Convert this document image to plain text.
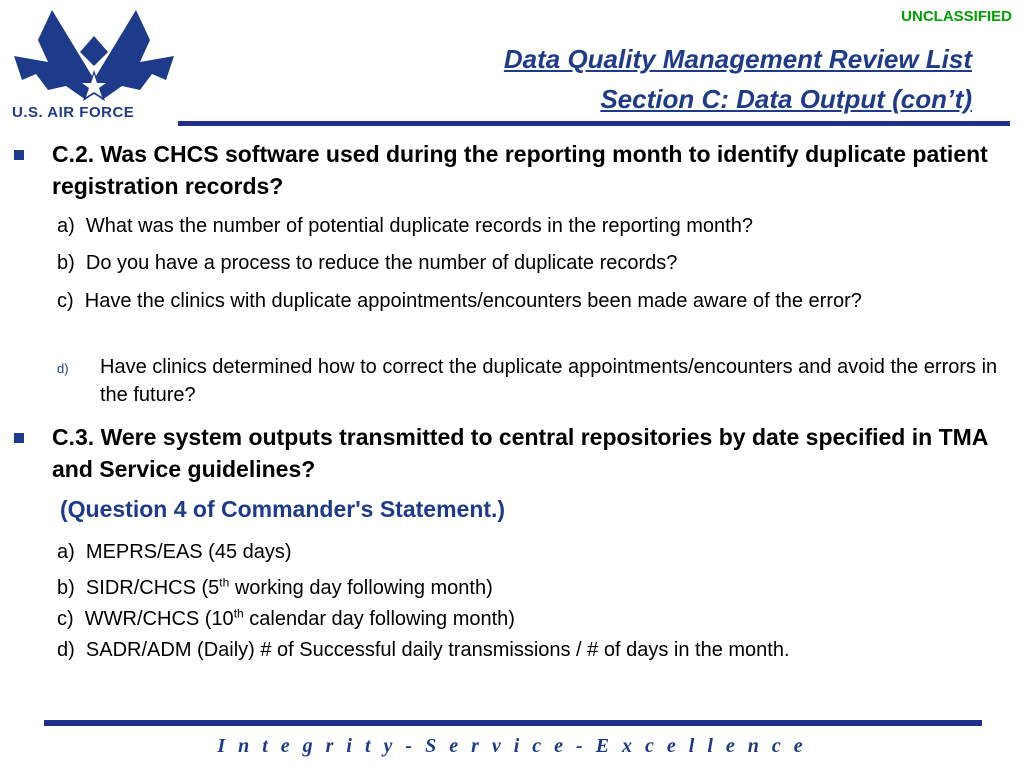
UNCLASSIFIED
U.S. AIR FORCE
Data Quality Management Review List
Section C: Data Output (con’t)
C.2. Was CHCS software used during the reporting month to identify duplicate patient registration records?
a) What was the number of potential duplicate records in the reporting month?
b) Do you have a process to reduce the number of duplicate records?
c) Have the clinics with duplicate appointments/encounters been made aware of the error?
d) Have clinics determined how to correct the duplicate appointments/encounters and avoid the errors in the future?
C.3. Were system outputs transmitted to central repositories by date specified in TMA and Service guidelines?
(Question 4 of Commander's Statement.)
a) MEPRS/EAS (45 days)
b) SIDR/CHCS (5th working day following month)
c) WWR/CHCS (10th calendar day following month)
d) SADR/ADM (Daily) # of Successful daily transmissions / # of days in the month.
I n t e g r i t y - S e r v i c e - E x c e l l e n c e
